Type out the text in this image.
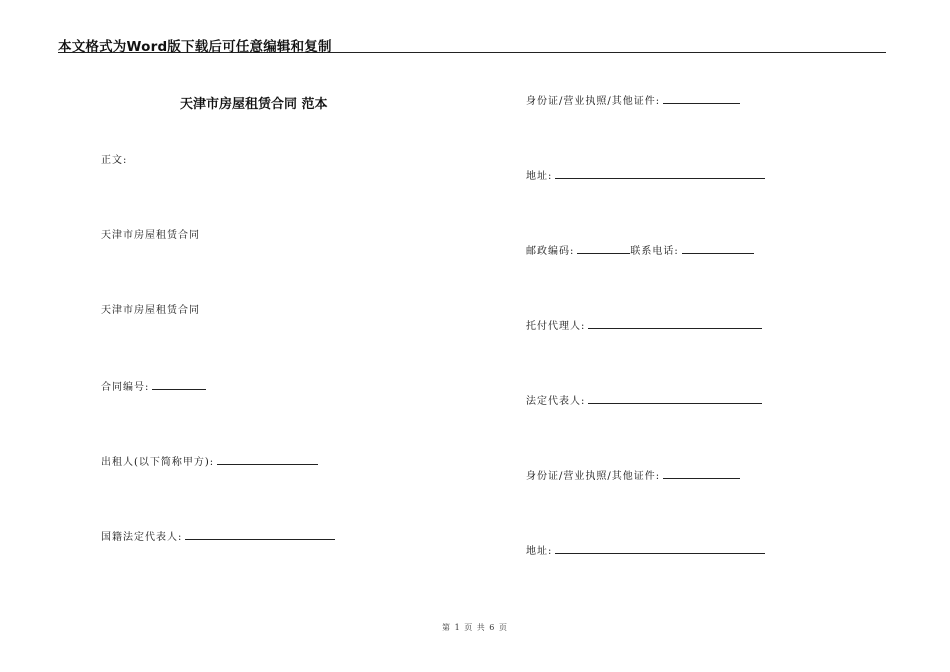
本文格式为Word版下载后可任意编辑和复制
天津市房屋租赁合同 范本
正文:
天津市房屋租赁合同
天津市房屋租赁合同
合同编号:
出租人(以下简称甲方):
国籍法定代表人:
身份证/营业执照/其他证件:
地址:
邮政编码:	联系电话:
托付代理人:
法定代表人:
身份证/营业执照/其他证件:
地址:
第 1 页 共 6 页
